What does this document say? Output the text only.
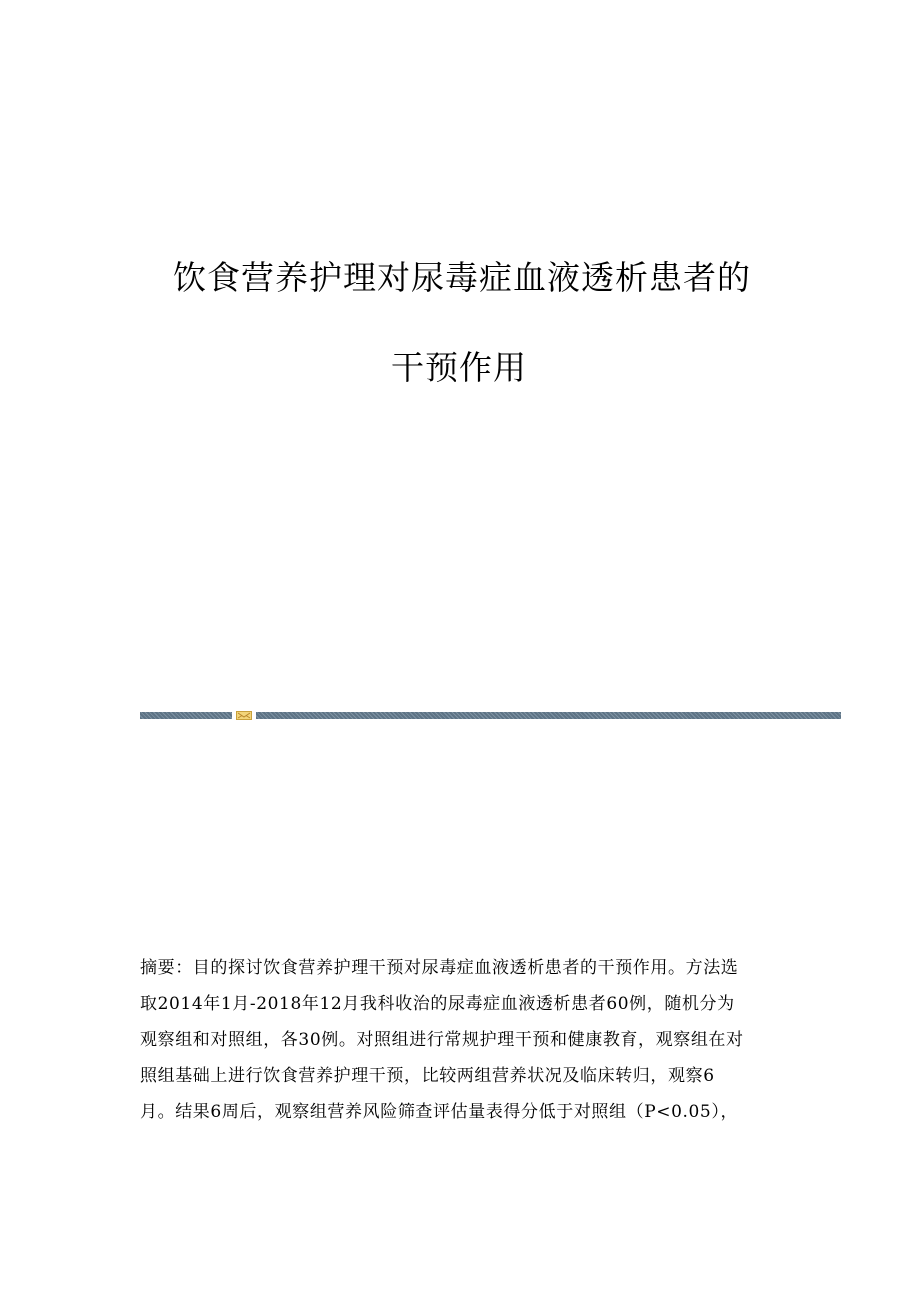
饮食营养护理对尿毒症血液透析患者的
干预作用
摘要：目的探讨饮食营养护理干预对尿毒症血液透析患者的干预作用。方法选
取2014年1月-2018年12月我科收治的尿毒症血液透析患者60例，随机分为
观察组和对照组，各30例。对照组进行常规护理干预和健康教育，观察组在对
照组基础上进行饮食营养护理干预，比较两组营养状况及临床转归，观察6
月。结果6周后，观察组营养风险筛查评估量表得分低于对照组（P<0.05），
